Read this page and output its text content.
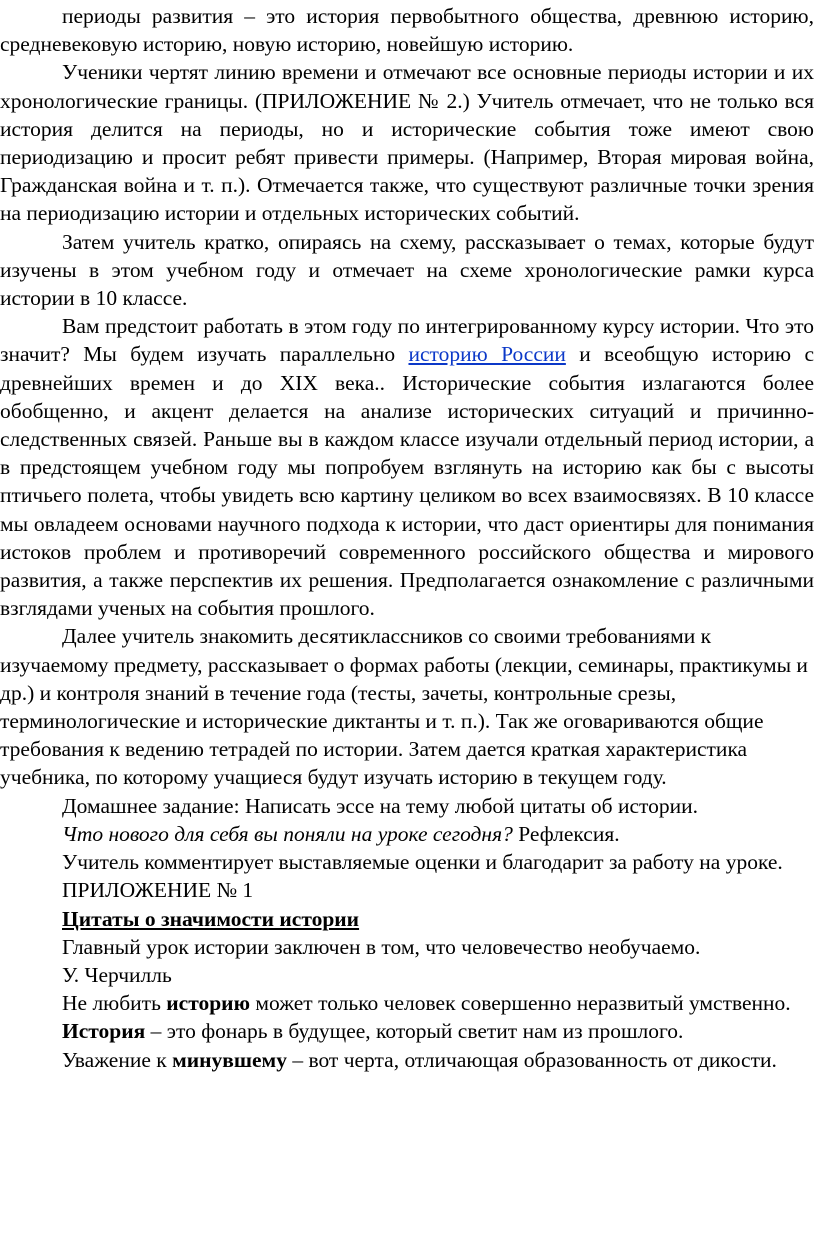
периоды развития – это история первобытного общества, древнюю историю, средневековую историю, новую историю, новейшую историю.

Ученики чертят линию времени и отмечают все основные периоды истории и их хронологические границы. (ПРИЛОЖЕНИЕ № 2.) Учитель отмечает, что не только вся история делится на периоды, но и исторические события тоже имеют свою периодизацию и просит ребят привести примеры. (Например, Вторая мировая война, Гражданская война и т. п.). Отмечается также, что существуют различные точки зрения на периодизацию истории и отдельных исторических событий.

Затем учитель кратко, опираясь на схему, рассказывает о темах, которые будут изучены в этом учебном году и отмечает на схеме хронологические рамки курса истории в 10 классе.

Вам предстоит работать в этом году по интегрированному курсу истории. Что это значит? Мы будем изучать параллельно историю России и всеобщую историю с древнейших времен и до XIX века.. Исторические события излагаются более обобщенно, и акцент делается на анализе исторических ситуаций и причинно-следственных связей. Раньше вы в каждом классе изучали отдельный период истории, а в предстоящем учебном году мы попробуем взглянуть на историю как бы с высоты птичьего полета, чтобы увидеть всю картину целиком во всех взаимосвязях. В 10 классе мы овладеем основами научного подхода к истории, что даст ориентиры для понимания истоков проблем и противоречий современного российского общества и мирового развития, а также перспектив их решения. Предполагается ознакомление с различными взглядами ученых на события прошлого.

Далее учитель знакомить десятиклассников со своими требованиями к изучаемому предмету, рассказывает о формах работы (лекции, семинары, практикумы и др.) и контроля знаний в течение года (тесты, зачеты, контрольные срезы, терминологические и исторические диктанты и т. п.). Так же оговариваются общие требования к ведению тетрадей по истории. Затем дается краткая характеристика учебника, по которому учащиеся будут изучать историю в текущем году.

Домашнее задание: Написать эссе на тему любой цитаты об истории.

Что нового для себя вы поняли на уроке сегодня? Рефлексия.

Учитель комментирует выставляемые оценки и благодарит за работу на уроке.

ПРИЛОЖЕНИЕ № 1

Цитаты о значимости истории

Главный урок истории заключен в том, что человечество необучаемо.

У. Черчилль

Не любить историю может только человек совершенно неразвитый умственно.

История – это фонарь в будущее, который светит нам из прошлого.

Уважение к минувшему – вот черта, отличающая образованность от дикости.
